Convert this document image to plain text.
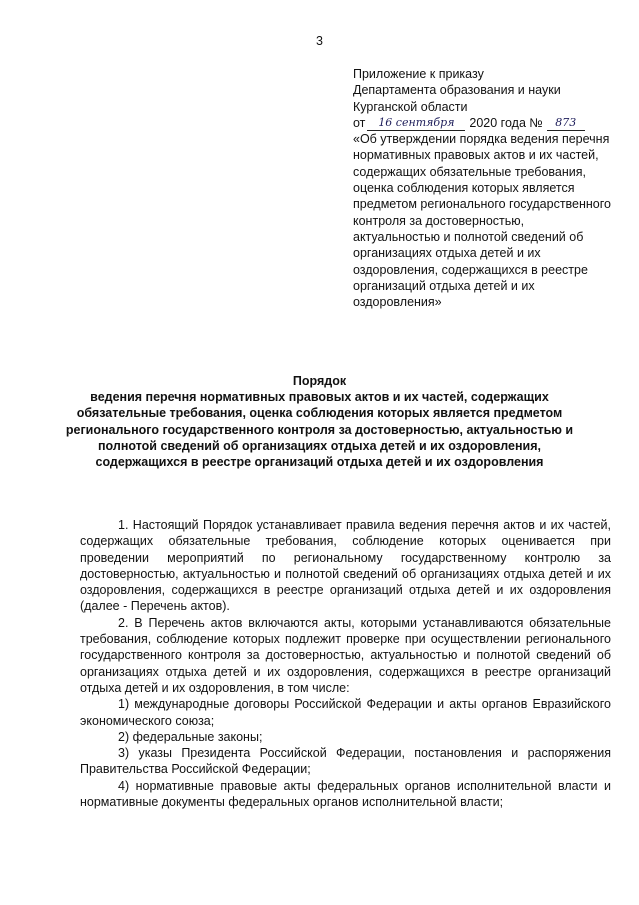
3
Приложение к приказу
Департамента образования и науки
Курганской области
от	16 сентября	2020 года №	873
«Об утверждении порядка ведения перечня нормативных правовых актов и их частей, содержащих обязательные требования, оценка соблюдения которых является предметом регионального государственного контроля за достоверностью, актуальностью и полнотой сведений об организациях отдыха детей и их оздоровления, содержащихся в реестре организаций отдыха детей и их оздоровления»
Порядок
ведения перечня нормативных правовых актов и их частей, содержащих обязательные требования, оценка соблюдения которых является предметом регионального государственного контроля за достоверностью, актуальностью и полнотой сведений об организациях отдыха детей и их оздоровления, содержащихся в реестре организаций отдыха детей и их оздоровления

1. Настоящий Порядок устанавливает правила ведения перечня актов и их частей, содержащих обязательные требования, соблюдение которых оценивается при проведении мероприятий по региональному государственному контролю за достоверностью, актуальностью и полнотой сведений об организациях отдыха детей и их оздоровления, содержащихся в реестре организаций отдыха детей и их оздоровления (далее - Перечень актов).

2. В Перечень актов включаются акты, которыми устанавливаются обязательные требования, соблюдение которых подлежит проверке при осуществлении регионального государственного контроля за достоверностью, актуальностью и полнотой сведений об организациях отдыха детей и их оздоровления, содержащихся в реестре организаций отдыха детей и их оздоровления, в том числе:

1) международные договоры Российской Федерации и акты органов Евразийского экономического союза;

2) федеральные законы;

3) указы Президента Российской Федерации, постановления и распоряжения Правительства Российской Федерации;

4) нормативные правовые акты федеральных органов исполнительной власти и нормативные документы федеральных органов исполнительной власти;
